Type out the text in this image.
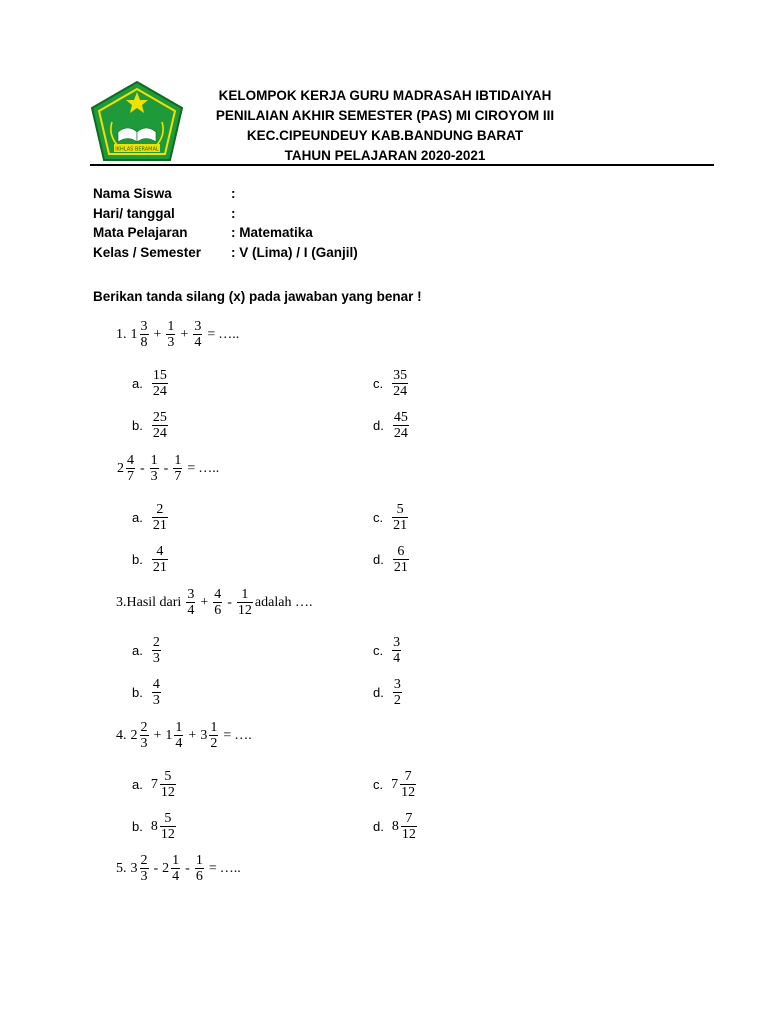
IKHLAS BERAMAL
KELOMPOK KERJA GURU MADRASAH IBTIDAIYAH
PENILAIAN AKHIR SEMESTER (PAS) MI CIROYOM III
KEC.CIPEUNDEUY KAB.BANDUNG BARAT
TAHUN PELAJARAN 2020-2021
Nama Siswa	:
Hari/ tanggal	:
Mata Pelajaran	: Matematika
Kelas / Semester : V (Lima) / I (Ganjil)
Berikan tanda silang (x) pada jawaban yang benar !
1. $1 \frac{3}{8} + \frac{1}{3} + \frac{3}{4}$ = …..
a. $\frac{15}{24}$
b. $\frac{25}{24}$
c. $\frac{35}{24}$
d. $\frac{45}{24}$
$2 \frac{4}{7} - \frac{1}{3} - \frac{1}{7}$ = …..
a. $\frac{2}{21}$
b. $\frac{4}{21}$
c. $\frac{5}{21}$
d. $\frac{6}{21}$
3.Hasil dari $\frac{3}{4} + \frac{4}{6} - \frac{1}{12}$ adalah ….
a. $\frac{2}{3}$
b. $\frac{4}{3}$
c. $\frac{3}{4}$
d. $\frac{3}{2}$
4. $2 \frac{2}{3} + 1 \frac{1}{4} + 3 \frac{1}{2}$ = ….
a. $7 \frac{5}{12}$
b. $8 \frac{5}{12}$
c. $7 \frac{7}{12}$
d. $8 \frac{7}{12}$
5. $3 \frac{2}{3} - 2 \frac{1}{4} - \frac{1}{6}$ = …..
